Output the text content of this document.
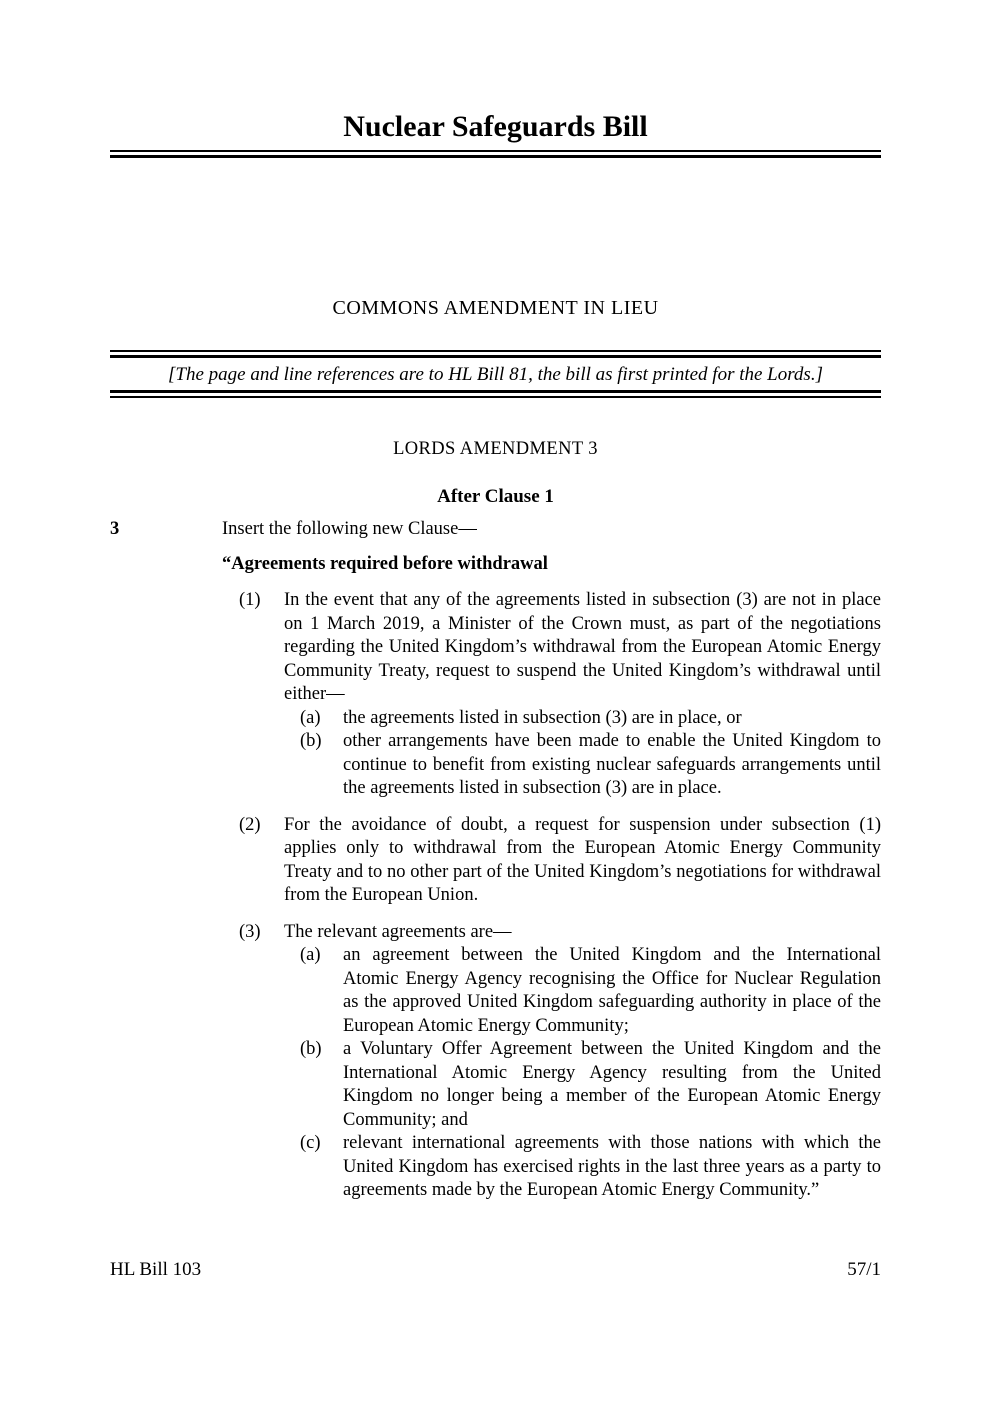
Nuclear Safeguards Bill
COMMONS AMENDMENT IN LIEU
[The page and line references are to HL Bill 81, the bill as first printed for the Lords.]
LORDS AMENDMENT 3
After Clause 1
3	Insert the following new Clause—
“Agreements required before withdrawal
(1)	In the event that any of the agreements listed in subsection (3) are not in place on 1 March 2019, a Minister of the Crown must, as part of the negotiations regarding the United Kingdom’s withdrawal from the European Atomic Energy Community Treaty, request to suspend the United Kingdom’s withdrawal until either—
(a)	the agreements listed in subsection (3) are in place, or
(b)	other arrangements have been made to enable the United Kingdom to continue to benefit from existing nuclear safeguards arrangements until the agreements listed in subsection (3) are in place.
(2)	For the avoidance of doubt, a request for suspension under subsection (1) applies only to withdrawal from the European Atomic Energy Community Treaty and to no other part of the United Kingdom’s negotiations for withdrawal from the European Union.
(3)	The relevant agreements are—
(a)	an agreement between the United Kingdom and the International Atomic Energy Agency recognising the Office for Nuclear Regulation as the approved United Kingdom safeguarding authority in place of the European Atomic Energy Community;
(b)	a Voluntary Offer Agreement between the United Kingdom and the International Atomic Energy Agency resulting from the United Kingdom no longer being a member of the European Atomic Energy Community; and
(c)	relevant international agreements with those nations with which the United Kingdom has exercised rights in the last three years as a party to agreements made by the European Atomic Energy Community.”
HL Bill 103	57/1
